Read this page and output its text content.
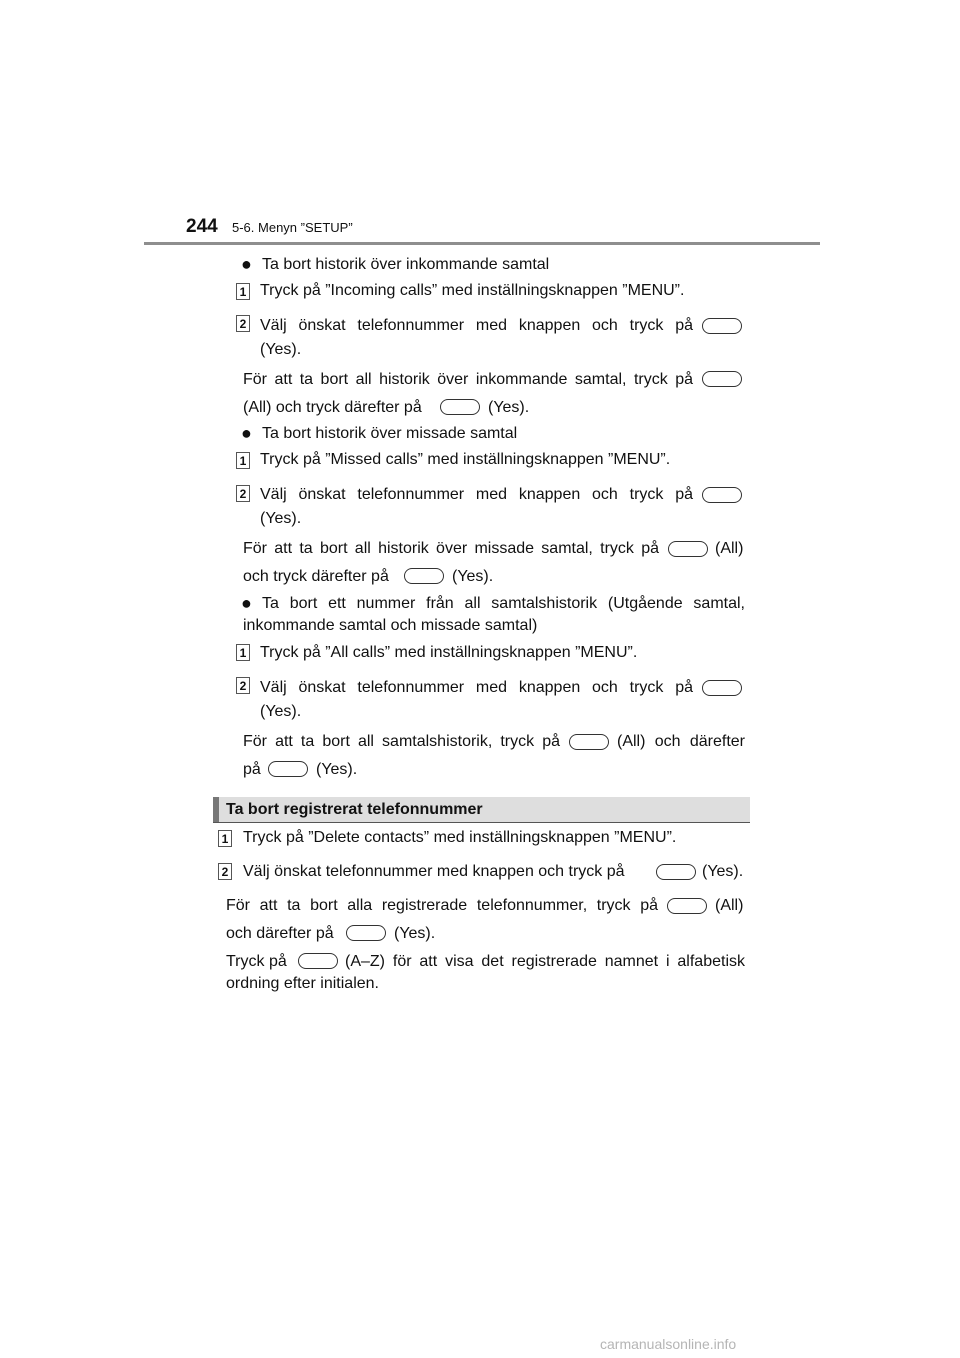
244 5-6. Menyn ”SETUP”
● Ta bort historik över inkommande samtal
1 Tryck på ”Incoming calls” med inställningsknappen ”MENU”.
2 Välj önskat telefonnummer med knappen och tryck på
(Yes).
För att ta bort all historik över inkommande samtal, tryck på
(All) och tryck därefter på	(Yes).
● Ta bort historik över missade samtal
1 Tryck på ”Missed calls” med inställningsknappen ”MENU”.
2 Välj önskat telefonnummer med knappen och tryck på
(Yes).
För att ta bort all historik över missade samtal, tryck på	(All)
och tryck därefter på	(Yes).
● Ta bort ett nummer från all samtalshistorik (Utgående samtal,
inkommande samtal och missade samtal)
1 Tryck på ”All calls” med inställningsknappen ”MENU”.
2 Välj önskat telefonnummer med knappen och tryck på
(Yes).
För att ta bort all samtalshistorik, tryck på	(All) och därefter
på	(Yes).
Ta bort registrerat telefonnummer
1 Tryck på ”Delete contacts” med inställningsknappen ”MENU”.
2 Välj önskat telefonnummer med knappen och tryck på	(Yes).
För att ta bort alla registrerade telefonnummer, tryck på	(All)
och därefter på	(Yes).
Tryck på	(A–Z) för att visa det registrerade namnet i alfabetisk
ordning efter initialen.
carmanualsonline.info
